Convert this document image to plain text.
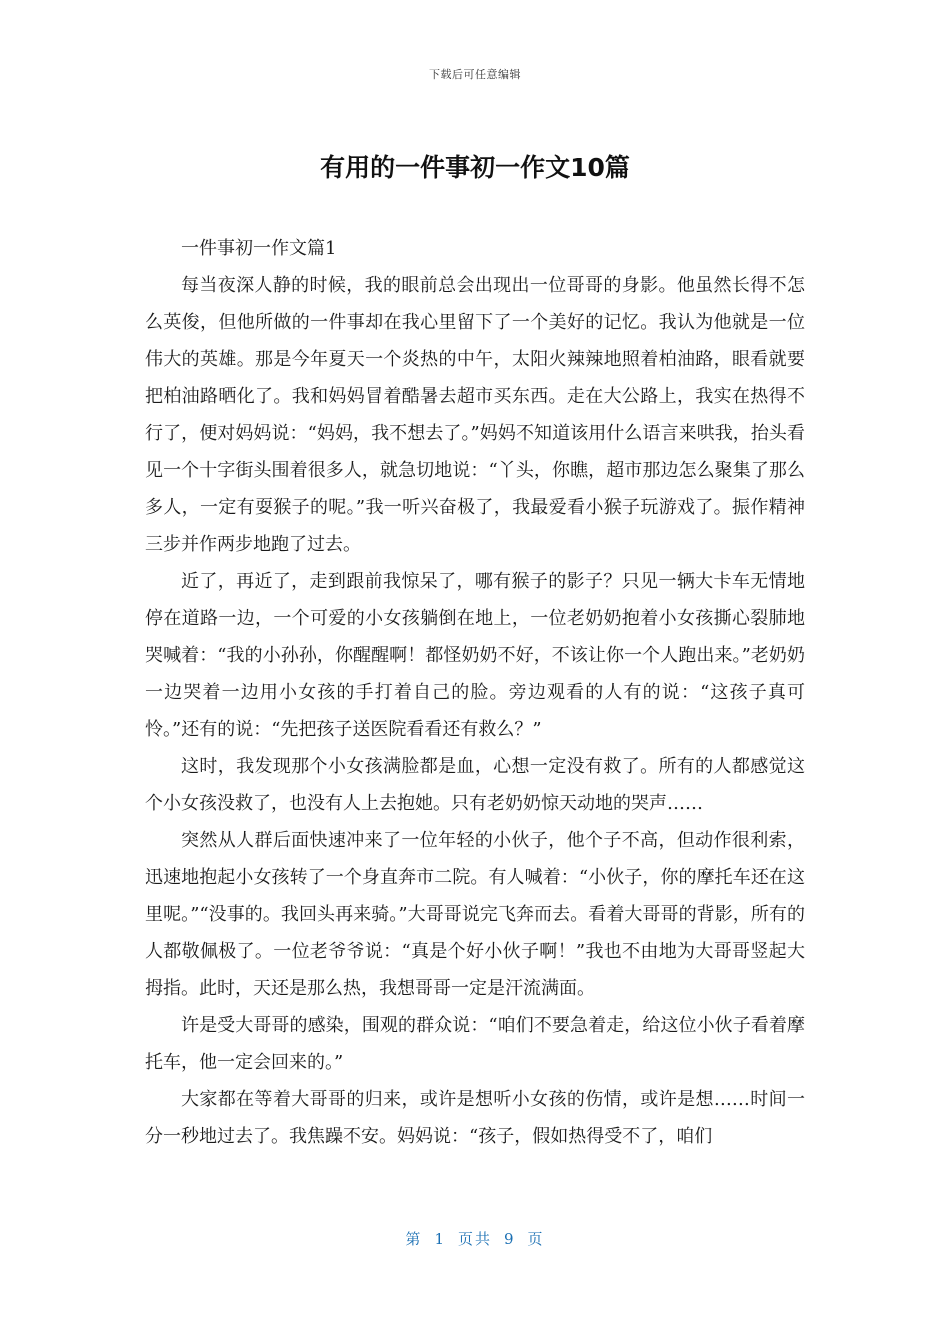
下载后可任意编辑
有用的一件事初一作文10篇

一件事初一作文篇1

每当夜深人静的时候，我的眼前总会出现出一位哥哥的身影。他虽然长得不怎么英俊，但他所做的一件事却在我心里留下了一个美好的记忆。我认为他就是一位伟大的英雄。那是今年夏天一个炎热的中午，太阳火辣辣地照着柏油路，眼看就要把柏油路晒化了。我和妈妈冒着酷暑去超市买东西。走在大公路上，我实在热得不行了，便对妈妈说：“妈妈，我不想去了。”妈妈不知道该用什么语言来哄我，抬头看见一个十字街头围着很多人，就急切地说：“丫头，你瞧，超市那边怎么聚集了那么多人，一定有耍猴子的呢。”我一听兴奋极了，我最爱看小猴子玩游戏了。振作精神三步并作两步地跑了过去。

近了，再近了，走到跟前我惊呆了，哪有猴子的影子？只见一辆大卡车无情地停在道路一边，一个可爱的小女孩躺倒在地上，一位老奶奶抱着小女孩撕心裂肺地哭喊着：“我的小孙孙，你醒醒啊！都怪奶奶不好，不该让你一个人跑出来。”老奶奶一边哭着一边用小女孩的手打着自己的脸。旁边观看的人有的说：“这孩子真可怜。”还有的说：“先把孩子送医院看看还有救么？”

这时，我发现那个小女孩满脸都是血，心想一定没有救了。所有的人都感觉这个小女孩没救了，也没有人上去抱她。只有老奶奶惊天动地的哭声……

突然从人群后面快速冲来了一位年轻的小伙子，他个子不高，但动作很利索，迅速地抱起小女孩转了一个身直奔市二院。有人喊着：“小伙子，你的摩托车还在这里呢。”“没事的。我回头再来骑。”大哥哥说完飞奔而去。看着大哥哥的背影，所有的人都敬佩极了。一位老爷爷说：“真是个好小伙子啊！”我也不由地为大哥哥竖起大拇指。此时，天还是那么热，我想哥哥一定是汗流满面。

许是受大哥哥的感染，围观的群众说：“咱们不要急着走，给这位小伙子看着摩托车，他一定会回来的。”

大家都在等着大哥哥的归来，或许是想听小女孩的伤情，或许是想……时间一分一秒地过去了。我焦躁不安。妈妈说：“孩子，假如热得受不了，咱们

第 1 页共 9 页
